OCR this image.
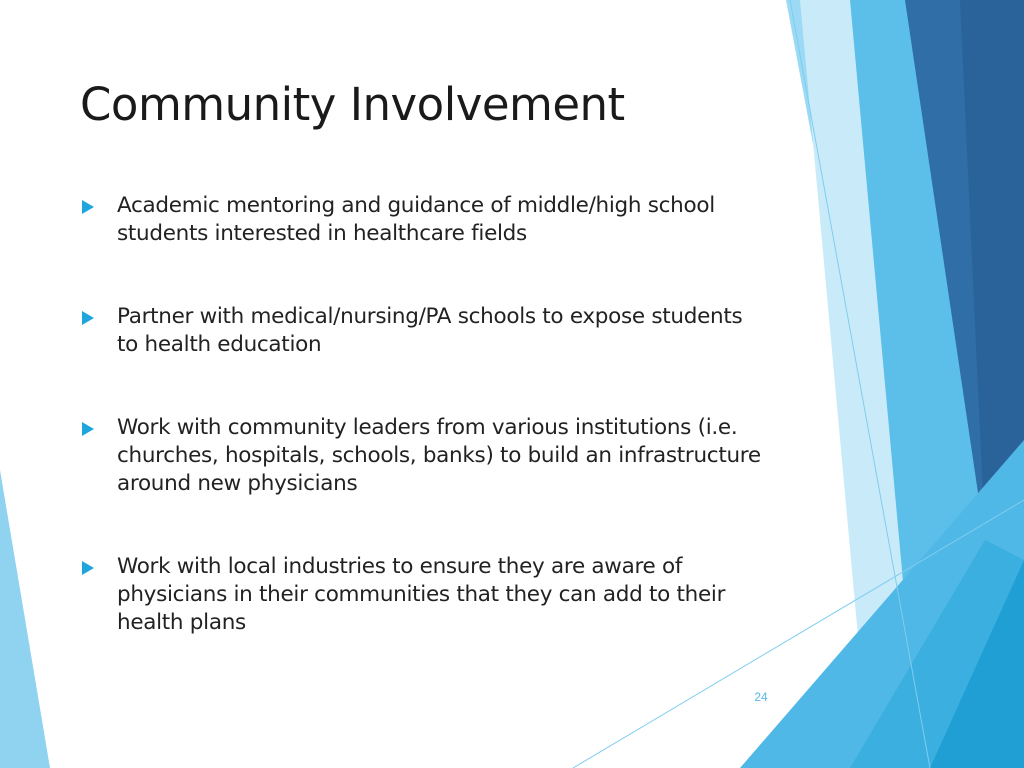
Community Involvement
Academic mentoring and guidance of middle/high school students interested in healthcare fields
Partner with medical/nursing/PA schools to expose students to health education
Work with community leaders from various institutions (i.e. churches, hospitals, schools, banks) to build an infrastructure around new physicians
Work with local industries to ensure they are aware of physicians in their communities that they can add to their health plans
24
